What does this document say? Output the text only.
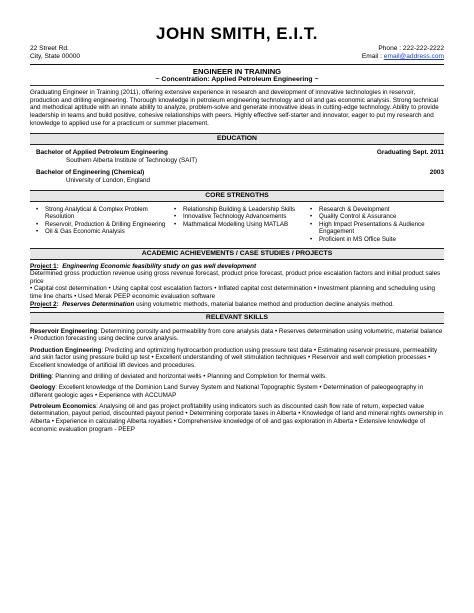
JOHN SMITH, E.I.T.
22 Street Rd.
City, State 00000
Phone : 222-222-2222
Email : email@address.com
ENGINEER IN TRAINING
~ Concentration: Applied Petroleum Engineering ~

Graduating Engineer in Training (2011), offering extensive experience in research and development of innovative technologies in reservoir, production and drilling engineering. Thorough knowledge in petroleum engineering technology and oil and gas economic analysis. Strong technical and methodical aptitude with an innate ability to analyze, problem-solve and generate innovative ideas in cutting-edge technology. Ability to provide leadership in teams and build positive, cohesive relationships with peers. Highly effective self-starter and innovator, eager to put my research and knowledge to applied use for a practicum or summer placement.

EDUCATION
Bachelor of Applied Petroleum Engineering	Graduating Sept. 2011
Southern Alberta Institute of Technology (SAIT)
Bachelor of Engineering (Chemical)	2003
University of London, England
CORE STRENGTHS
• Strong Analytical & Complex Problem Resolution
• Reservoir, Production & Drilling Engineering
• Oil & Gas Economic Analysis
• Relationship Building & Leadership Skills
• Innovative Technology Advancements
• Mathmatical Modelling Using MATLAB
• Research & Development
• Quality Control & Assurance
• High Impact Presentations & Audience Engagement
• Proficient in MS Office Suite
ACADEMIC ACHIEVEMENTS / CASE STUDIES / PROJECTS
Project 1: Engineering Economic feasibility study on gas well development
Determined gross production revenue using gross revenue forecast, product price forecast, product price escalation factors and initial product sales price
• Capital cost determination • Using capital cost escalation factors • Inflated capital cost determination • Investment planning and scheduling using time line charts • Used Merak PEEP economic evaluation software
Project 2: Reserves Determination using volumetric methods, material balance method and production decline analysis method.
RELEVANT SKILLS
Reservoir Engineering: Determining porosity and permeability from core analysis data • Reserves determination using volumetric, material balance • Production forecasting using decline curve analysis.
Production Engineering: Predicting and optimizing hydrocarbon production using pressure test data • Estimating reservoir pressure, permeability and skin factor using pressure build up test • Excellent understanding of well stimulation techniques • Reservoir and well completion processes • Excellent knowledge of artificial lift devices and procedures.
Drilling: Planning and drilling of deviated and horizontal wells • Planning and Completion for thermal wells.
Geology: Excellent knowledge of the Dominion Land Survey System and National Topographic System • Determination of paleogeography in different geologic ages • Experience with ACCUMAP
Petroleum Economics: Analysing oil and gas project profitability using indicators such as discounted cash flow rate of return, expected value determination, payout period, discounted payout period • Determining corporate taxes in Alberta • Knowledge of land and mineral rights ownership in Alberta • Experience in calculating Alberta royalties • Comprehensive knowledge of oil and gas exploration in Alberta • Extensive knowledge of economic evaluation program - PEEP
